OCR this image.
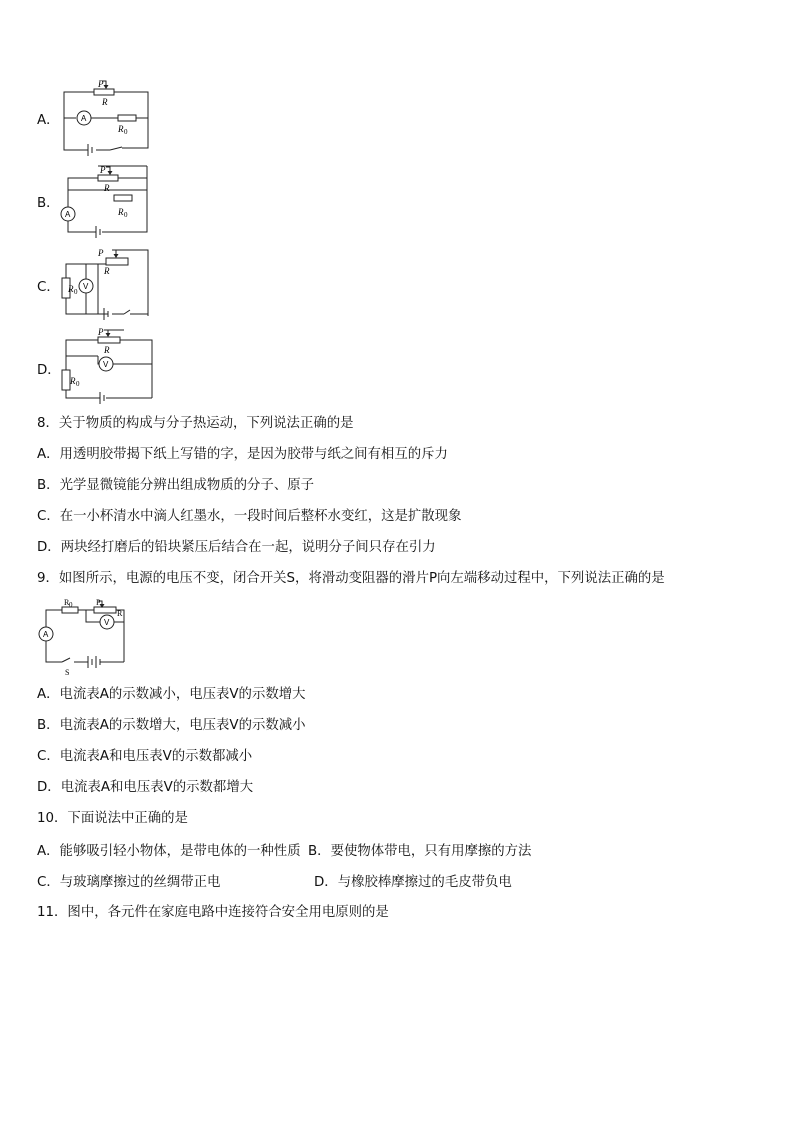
A．
P
R
A
R 0
B．
P
R
A	R 0
C．
P
R
V
R 0
D．
P
R
V
R 0
8．关于物质的构成与分子热运动，下列说法正确的是
A．用透明胶带揭下纸上写错的字，是因为胶带与纸之间有相互的斥力
B．光学显微镜能分辨出组成物质的分子、原子
C．在一小杯清水中滴人红墨水，一段时间后整杯水变红，这是扩散现象
D．两块经打磨后的铅块紧压后结合在一起，说明分子间只存在引力
9．如图所示，电源的电压不变，闭合开关S，将滑动变阻器的滑片P向左端移动过程中，下列说法正确的是
R 0	P
R
A
V
S
A．电流表A的示数减小，电压表V的示数增大
B．电流表A的示数增大，电压表V的示数减小
C．电流表A和电压表V的示数都减小
D．电流表A和电压表V的示数都增大
10．下面说法中正确的是
A．能够吸引轻小物体，是带电体的一种性质 B．要使物体带电，只有用摩擦的方法
C．与玻璃摩擦过的丝绸带正电	D．与橡胶棒摩擦过的毛皮带负电
11．图中，各元件在家庭电路中连接符合安全用电原则的是
